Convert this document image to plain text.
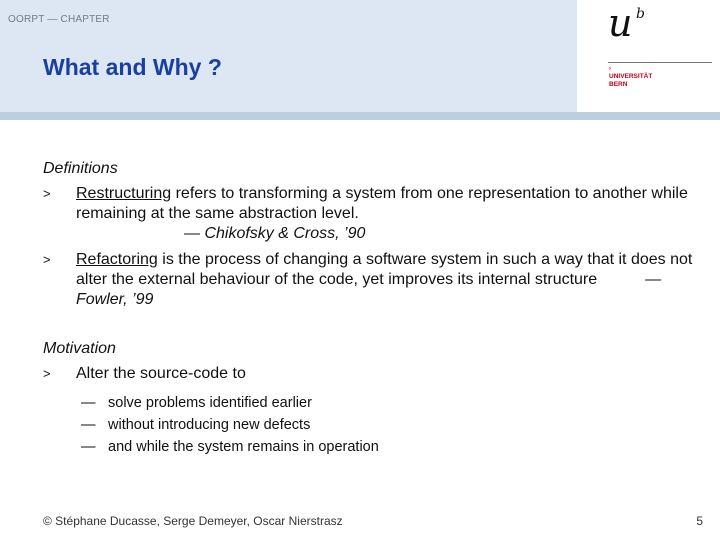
OORPT — CHAPTER
What and Why ?
u b
›
UNIVERSITÄT
BERN

Definitions

> Restructuring refers to transforming a system from one representation to another while remaining at the same abstraction level.
— Chikofsky & Cross, ’90
> Refactoring is the process of changing a software system in such a way that it does not alter the external behaviour of the code, yet improves its internal structure	— Fowler, ’99

Motivation

> Alter the source-code to
— solve problems identified earlier
— without introducing new defects
— and while the system remains in operation
© Stéphane Ducasse, Serge Demeyer, Oscar Nierstrasz	5
